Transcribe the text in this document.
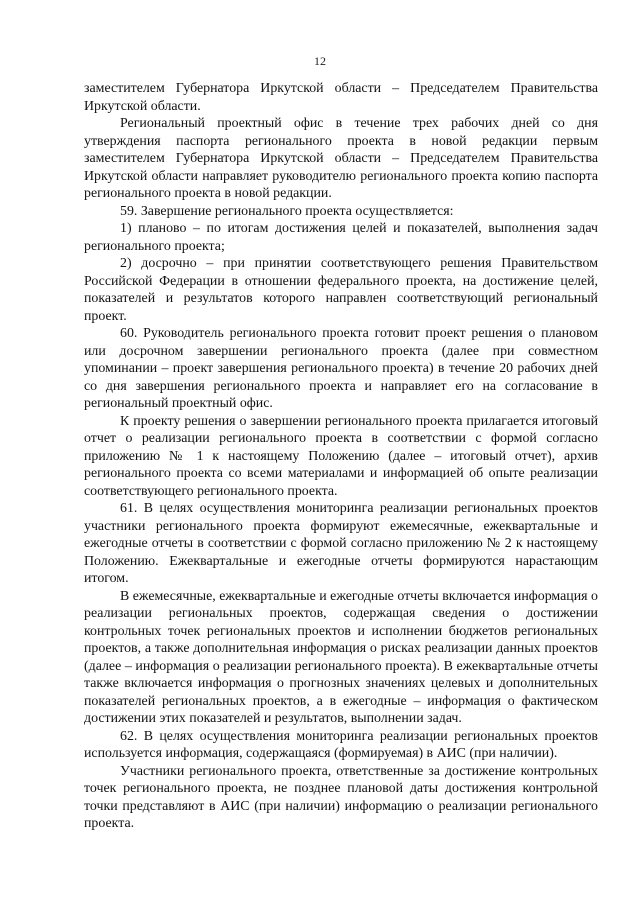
12

заместителем Губернатора Иркутской области – Председателем Правительства Иркутской области.

Региональный проектный офис в течение трех рабочих дней со дня утверждения паспорта регионального проекта в новой редакции первым заместителем Губернатора Иркутской области – Председателем Правительства Иркутской области направляет руководителю регионального проекта копию паспорта регионального проекта в новой редакции.

59. Завершение регионального проекта осуществляется:

1) планово – по итогам достижения целей и показателей, выполнения задач регионального проекта;

2) досрочно – при принятии соответствующего решения Правительством Российской Федерации в отношении федерального проекта, на достижение целей, показателей и результатов которого направлен соответствующий региональный проект.

60. Руководитель регионального проекта готовит проект решения о плановом или досрочном завершении регионального проекта (далее при совместном упоминании – проект завершения регионального проекта) в течение 20 рабочих дней со дня завершения регионального проекта и направляет его на согласование в региональный проектный офис.

К проекту решения о завершении регионального проекта прилагается итоговый отчет о реализации регионального проекта в соответствии с формой согласно приложению № 1 к настоящему Положению (далее – итоговый отчет), архив регионального проекта со всеми материалами и информацией об опыте реализации соответствующего регионального проекта.

61. В целях осуществления мониторинга реализации региональных проектов участники регионального проекта формируют ежемесячные, ежеквартальные и ежегодные отчеты в соответствии с формой согласно приложению № 2 к настоящему Положению. Ежеквартальные и ежегодные отчеты формируются нарастающим итогом.

В ежемесячные, ежеквартальные и ежегодные отчеты включается информация о реализации региональных проектов, содержащая сведения о достижении контрольных точек региональных проектов и исполнении бюджетов региональных проектов, а также дополнительная информация о рисках реализации данных проектов (далее – информация о реализации регионального проекта). В ежеквартальные отчеты также включается информация о прогнозных значениях целевых и дополнительных показателей региональных проектов, а в ежегодные – информация о фактическом достижении этих показателей и результатов, выполнении задач.

62. В целях осуществления мониторинга реализации региональных проектов используется информация, содержащаяся (формируемая) в АИС (при наличии).

Участники регионального проекта, ответственные за достижение контрольных точек регионального проекта, не позднее плановой даты достижения контрольной точки представляют в АИС (при наличии) информацию о реализации регионального проекта.
